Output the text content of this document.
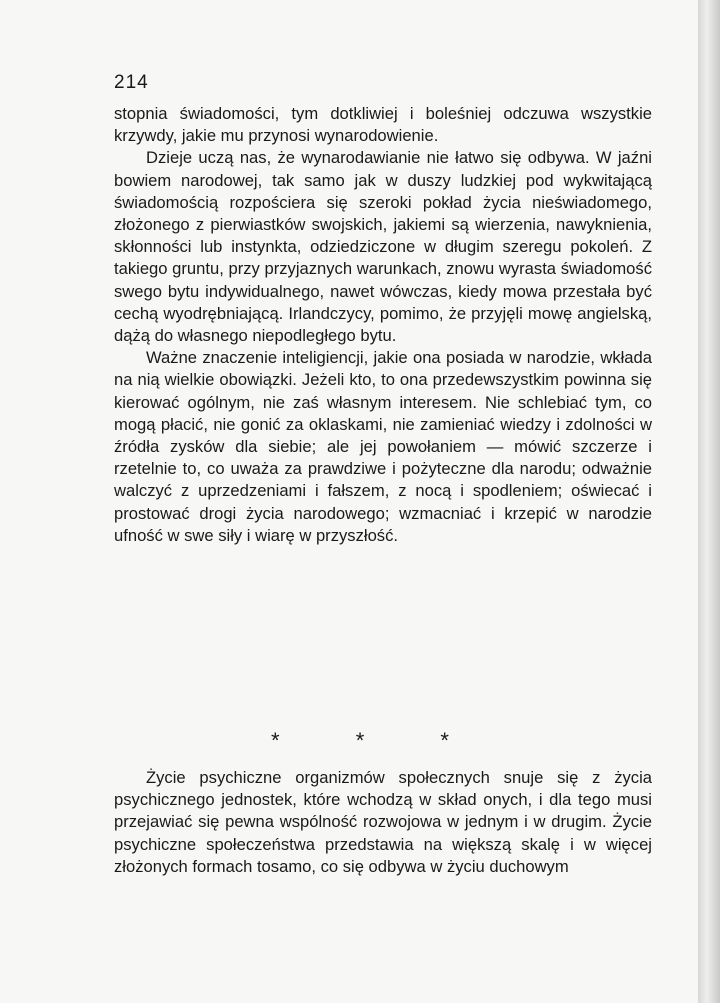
214

stopnia świadomości, tym dotkliwiej i boleśniej odczuwa wszystkie krzywdy, jakie mu przynosi wynarodowienie.

Dzieje uczą nas, że wynarodawianie nie łatwo się odbywa. W jaźni bowiem narodowej, tak samo jak w duszy ludzkiej pod wykwitającą świadomością rozpościera się szeroki pokład życia nieświadomego, złożonego z pierwiastków swojskich, jakiemi są wierzenia, nawyknienia, skłonności lub instynkta, odziedziczone w długim szeregu pokoleń. Z takiego gruntu, przy przyjaznych warunkach, znowu wyrasta świadomość swego bytu indywidualnego, nawet wówczas, kiedy mowa przestała być cechą wyodrębniającą. Irlandczycy, pomimo, że przyjęli mowę angielską, dążą do własnego niepodległego bytu.

Ważne znaczenie inteligiencji, jakie ona posiada w narodzie, wkłada na nią wielkie obowiązki. Jeżeli kto, to ona przedewszystkim powinna się kierować ogólnym, nie zaś własnym interesem. Nie schlebiać tym, co mogą płacić, nie gonić za oklaskami, nie zamieniać wiedzy i zdolności w źródła zysków dla siebie; ale jej powołaniem — mówić szczerze i rzetelnie to, co uważa za prawdziwe i pożyteczne dla narodu; odważnie walczyć z uprzedzeniami i fałszem, z nocą i spodleniem; oświecać i prostować drogi życia narodowego; wzmacniać i krzepić w narodzie ufność w swe siły i wiarę w przyszłość.

* * *

Życie psychiczne organizmów społecznych snuje się z życia psychicznego jednostek, które wchodzą w skład onych, i dla tego musi przejawiać się pewna wspólność rozwojowa w jednym i w drugim. Życie psychiczne społeczeństwa przedstawia na większą skalę i w więcej złożonych formach tosamo, co się odbywa w życiu duchowym
